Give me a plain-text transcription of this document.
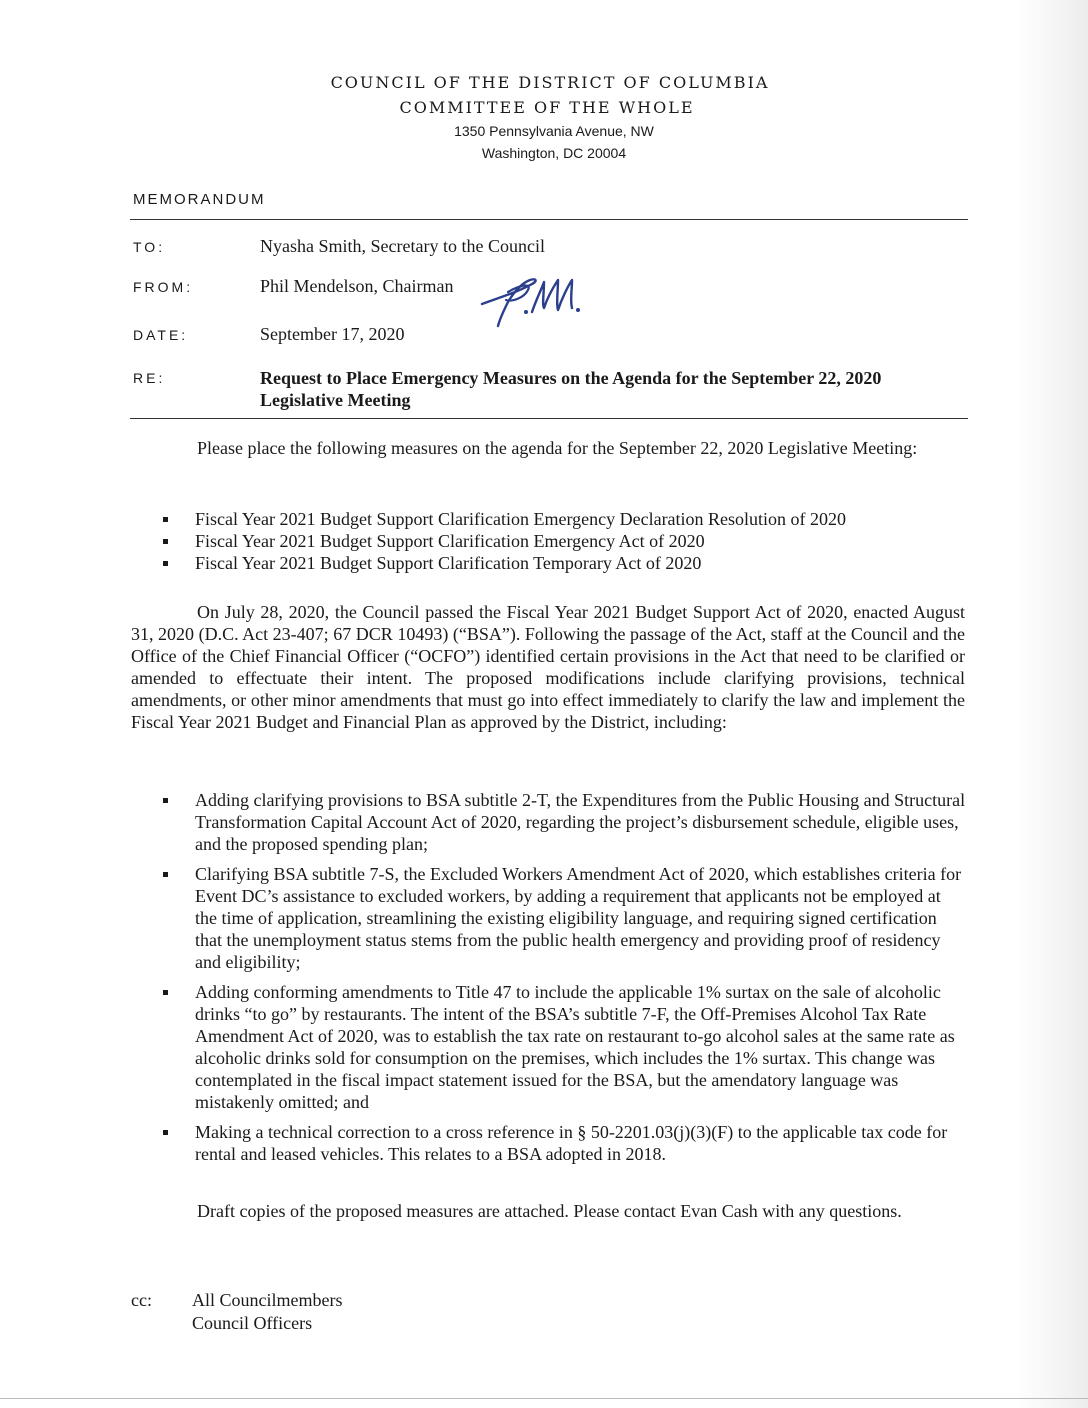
COUNCIL OF THE DISTRICT OF COLUMBIA
COMMITTEE OF THE WHOLE
1350 Pennsylvania Avenue, NW
Washington, DC 20004
MEMORANDUM
TO:	Nyasha Smith, Secretary to the Council
FROM:	Phil Mendelson, Chairman
DATE:	September 17, 2020
RE:	Request to Place Emergency Measures on the Agenda for the September 22, 2020 Legislative Meeting
Please place the following measures on the agenda for the September 22, 2020 Legislative Meeting:
Fiscal Year 2021 Budget Support Clarification Emergency Declaration Resolution of 2020
Fiscal Year 2021 Budget Support Clarification Emergency Act of 2020
Fiscal Year 2021 Budget Support Clarification Temporary Act of 2020
On July 28, 2020, the Council passed the Fiscal Year 2021 Budget Support Act of 2020, enacted August 31, 2020 (D.C. Act 23-407; 67 DCR 10493) (“BSA”). Following the passage of the Act, staff at the Council and the Office of the Chief Financial Officer (“OCFO”) identified certain provisions in the Act that need to be clarified or amended to effectuate their intent. The proposed modifications include clarifying provisions, technical amendments, or other minor amendments that must go into effect immediately to clarify the law and implement the Fiscal Year 2021 Budget and Financial Plan as approved by the District, including:
Adding clarifying provisions to BSA subtitle 2-T, the Expenditures from the Public Housing and Structural Transformation Capital Account Act of 2020, regarding the project’s disbursement schedule, eligible uses, and the proposed spending plan;
Clarifying BSA subtitle 7-S, the Excluded Workers Amendment Act of 2020, which establishes criteria for Event DC’s assistance to excluded workers, by adding a requirement that applicants not be employed at the time of application, streamlining the existing eligibility language, and requiring signed certification that the unemployment status stems from the public health emergency and providing proof of residency and eligibility;
Adding conforming amendments to Title 47 to include the applicable 1% surtax on the sale of alcoholic drinks “to go” by restaurants. The intent of the BSA’s subtitle 7-F, the Off-Premises Alcohol Tax Rate Amendment Act of 2020, was to establish the tax rate on restaurant to-go alcohol sales at the same rate as alcoholic drinks sold for consumption on the premises, which includes the 1% surtax. This change was contemplated in the fiscal impact statement issued for the BSA, but the amendatory language was mistakenly omitted; and
Making a technical correction to a cross reference in § 50-2201.03(j)(3)(F) to the applicable tax code for rental and leased vehicles. This relates to a BSA adopted in 2018.
Draft copies of the proposed measures are attached. Please contact Evan Cash with any questions.
cc: All Councilmembers
Council Officers
